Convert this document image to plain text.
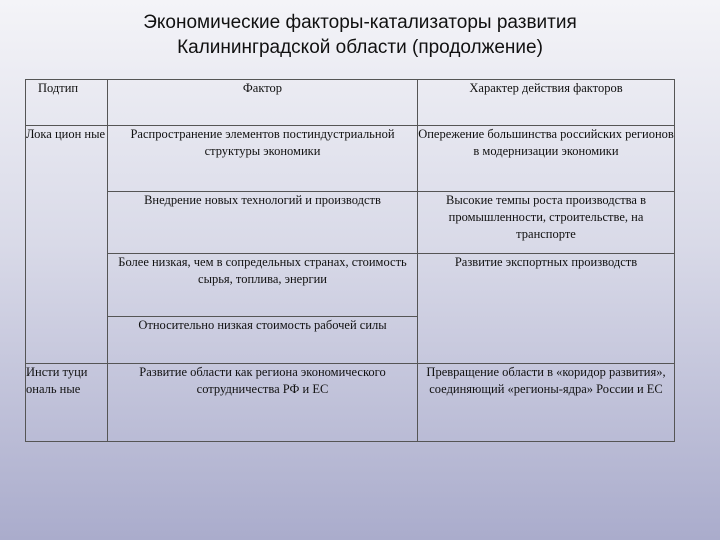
Экономические факторы-катализаторы развития
Калининградской области (продолжение)
Подтип	Фактор	Характер действия факторов
Лока цион ные	Распространение элементов постиндустриальной структуры экономики	Опережение большинства российских регионов в модернизации экономики
	Внедрение новых технологий и производств	Высокие темпы роста производства в промышленности, строительстве, на транспорте
	Более низкая, чем в сопредельных странах, стоимость сырья, топлива, энергии	Развитие экспортных производств
	Относительно низкая стоимость рабочей силы	
Инсти туци ональ ные	Развитие области как региона экономического сотрудничества РФ и ЕС	Превращение области в «коридор развития», соединяющий «регионы-ядра» России и ЕС
